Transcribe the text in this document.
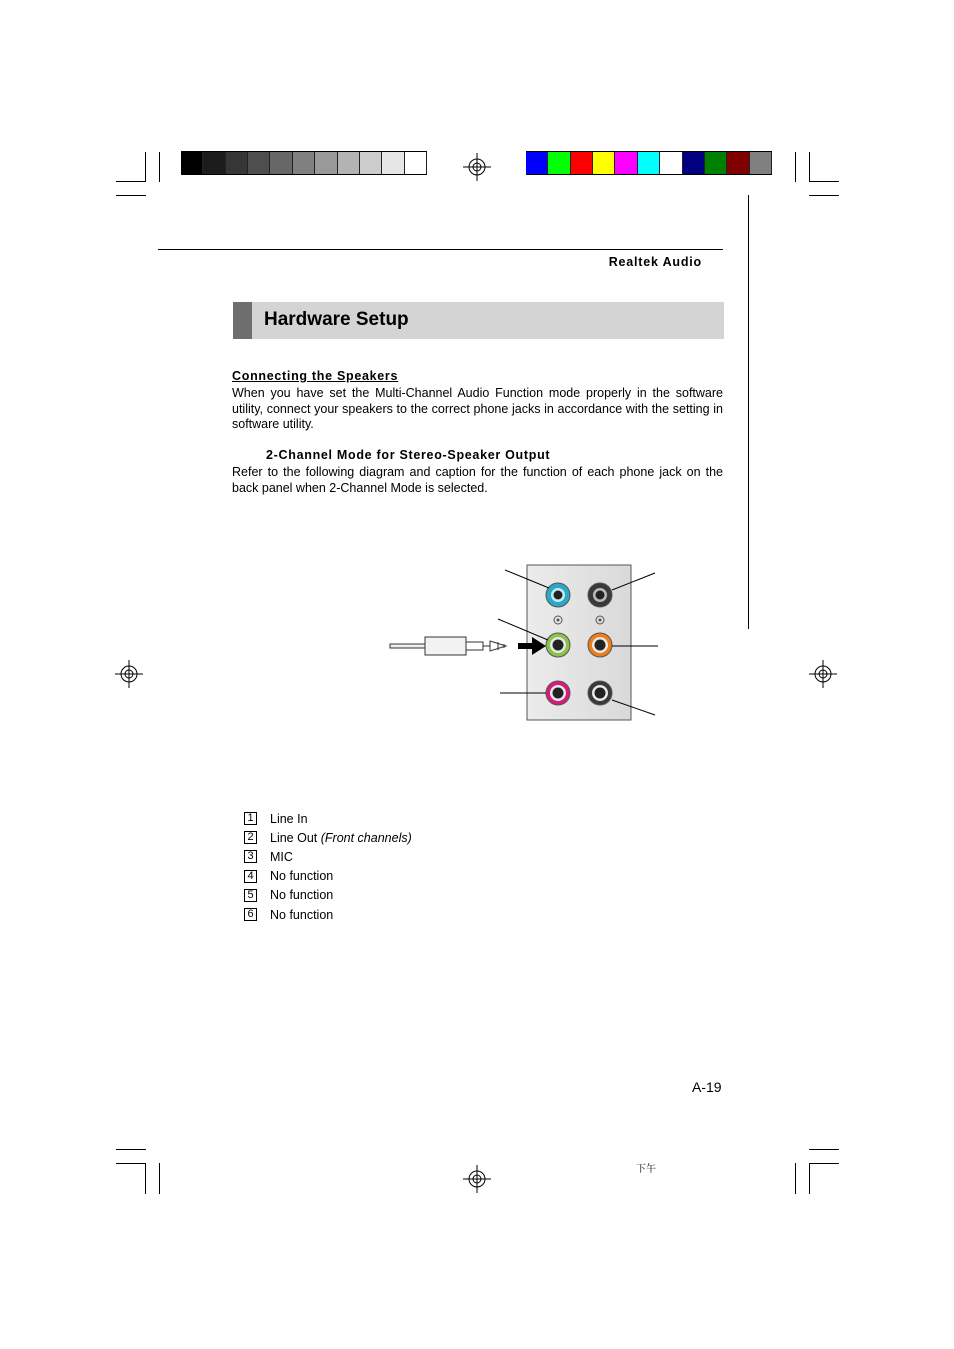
Realtek Audio
Hardware Setup
Connecting the Speakers
When you have set the Multi-Channel Audio Function mode properly in the software utility, connect your speakers to the correct phone jacks in accordance with the setting in software utility.
2-Channel Mode for Stereo-Speaker Output
Refer to the following diagram and caption for the function of each phone jack on the back panel when 2-Channel Mode is selected.
1 Line In
2 Line Out
(Front channels)
3 MIC
4 No function
5 No function
6 No function
A-19
下午
